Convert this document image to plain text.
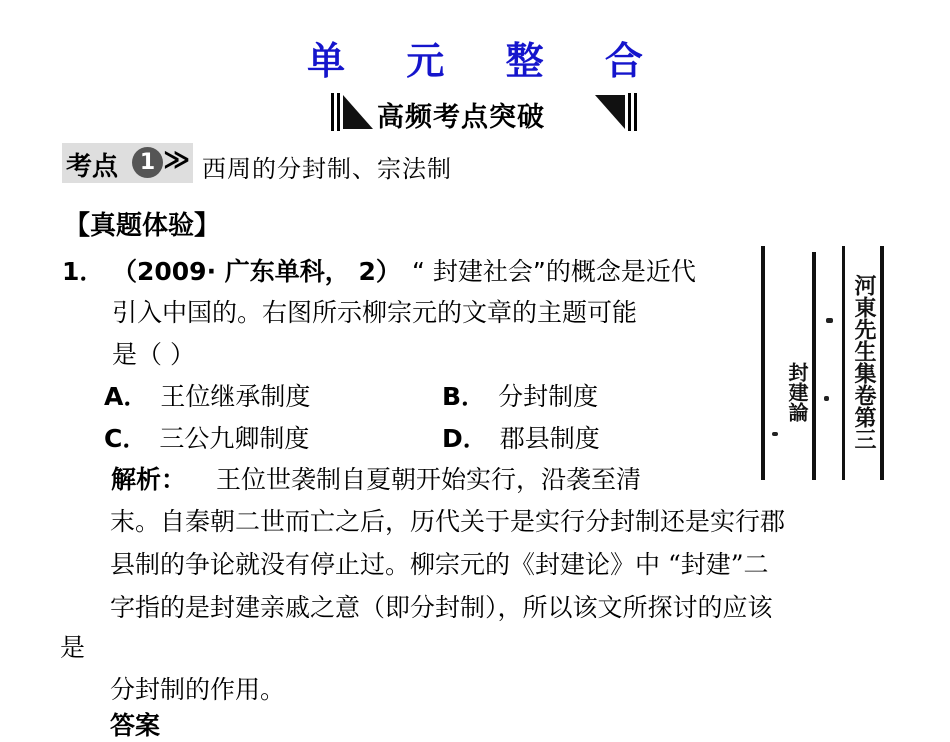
单 元 整 合
高频考点突破
考点 1 ≫ 西周的分封制、宗法制
【真题体验】
1． （2009· 广东单科， 2） “ 封建社会”的概念是近代
引入中国的。右图所示柳宗元的文章的主题可能
是（ ）
A． 王位继承制度	B． 分封制度
C． 三公九卿制度	D． 郡县制度
解析： 王位世袭制自夏朝开始实行，沿袭至清
末。自秦朝二世而亡之后，历代关于是实行分封制还是实行郡
县制的争论就没有停止过。柳宗元的《封建论》中 “封建”二
字指的是封建亲戚之意（即分封制），所以该文所探讨的应该
是
分封制的作用。
答案
河東先生集卷第三
封建論
